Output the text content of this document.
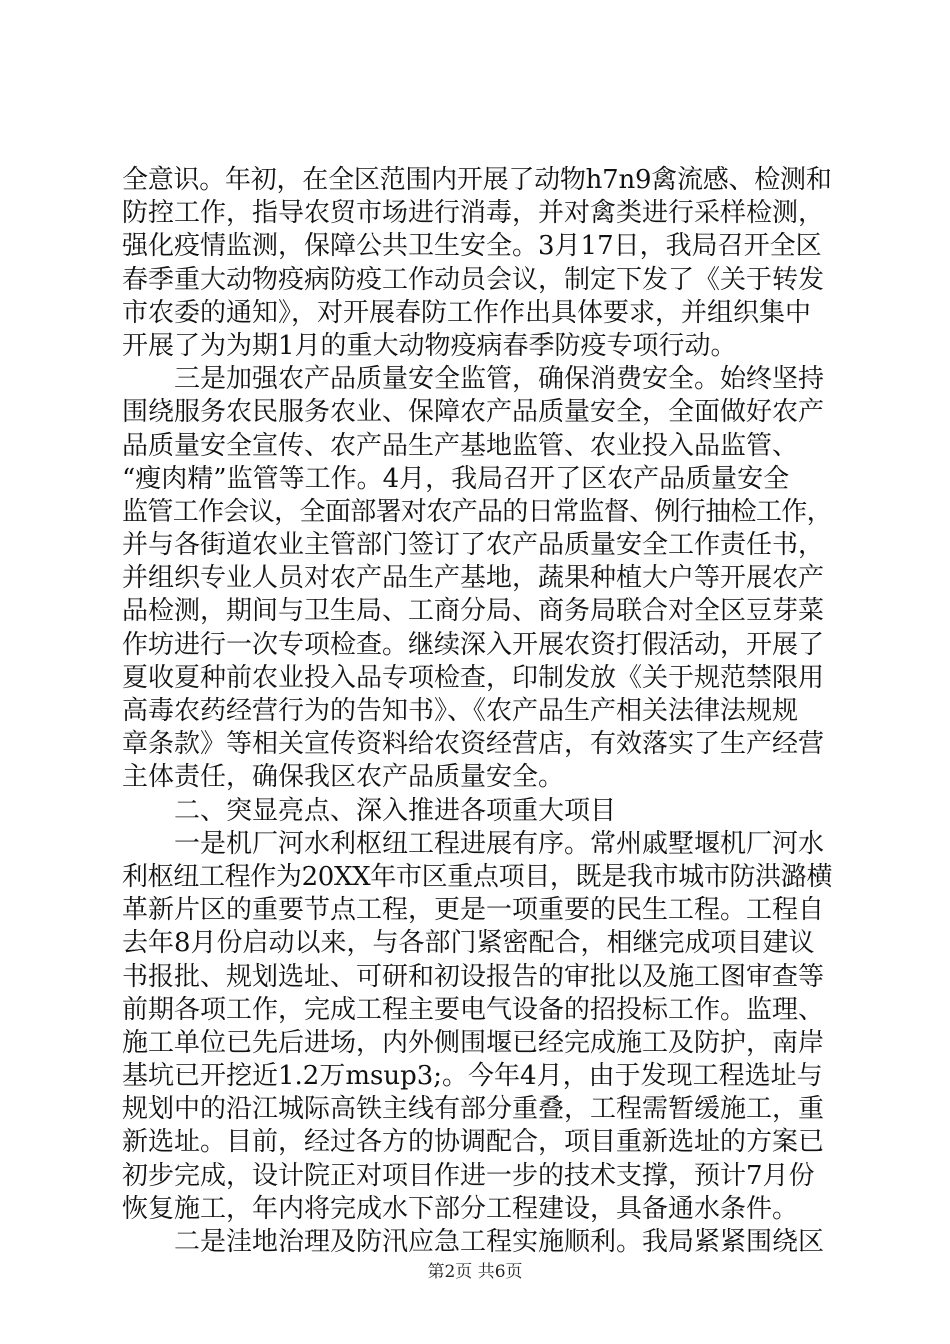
全意识。年初，在全区范围内开展了动物h7n9禽流感、检测和
防控工作，指导农贸市场进行消毒，并对禽类进行采样检测，
强化疫情监测，保障公共卫生安全。3月17日，我局召开全区
春季重大动物疫病防疫工作动员会议，制定下发了《关于转发
市农委的通知》，对开展春防工作作出具体要求，并组织集中
开展了为为期1月的重大动物疫病春季防疫专项行动。
　　三是加强农产品质量安全监管，确保消费安全。始终坚持
围绕服务农民服务农业、保障农产品质量安全，全面做好农产
品质量安全宣传、农产品生产基地监管、农业投入品监管、
“瘦肉精”监管等工作。4月，我局召开了区农产品质量安全
监管工作会议，全面部署对农产品的日常监督、例行抽检工作，
并与各街道农业主管部门签订了农产品质量安全工作责任书，
并组织专业人员对农产品生产基地，蔬果种植大户等开展农产
品检测，期间与卫生局、工商分局、商务局联合对全区豆芽菜
作坊进行一次专项检查。继续深入开展农资打假活动，开展了
夏收夏种前农业投入品专项检查，印制发放《关于规范禁限用
高毒农药经营行为的告知书》、《农产品生产相关法律法规规
章条款》等相关宣传资料给农资经营店，有效落实了生产经营
主体责任，确保我区农产品质量安全。
　　二、突显亮点、深入推进各项重大项目
　　一是机厂河水利枢纽工程进展有序。常州戚墅堰机厂河水
利枢纽工程作为20XX年市区重点项目，既是我市城市防洪潞横
革新片区的重要节点工程，更是一项重要的民生工程。工程自
去年8月份启动以来，与各部门紧密配合，相继完成项目建议
书报批、规划选址、可研和初设报告的审批以及施工图审查等
前期各项工作，完成工程主要电气设备的招投标工作。监理、
施工单位已先后进场，内外侧围堰已经完成施工及防护，南岸
基坑已开挖近1.2万msup3;。今年4月，由于发现工程选址与
规划中的沿江城际高铁主线有部分重叠，工程需暂缓施工，重
新选址。目前，经过各方的协调配合，项目重新选址的方案已
初步完成，设计院正对项目作进一步的技术支撑，预计7月份
恢复施工，年内将完成水下部分工程建设，具备通水条件。
　　二是洼地治理及防汛应急工程实施顺利。我局紧紧围绕区
第2页 共6页
